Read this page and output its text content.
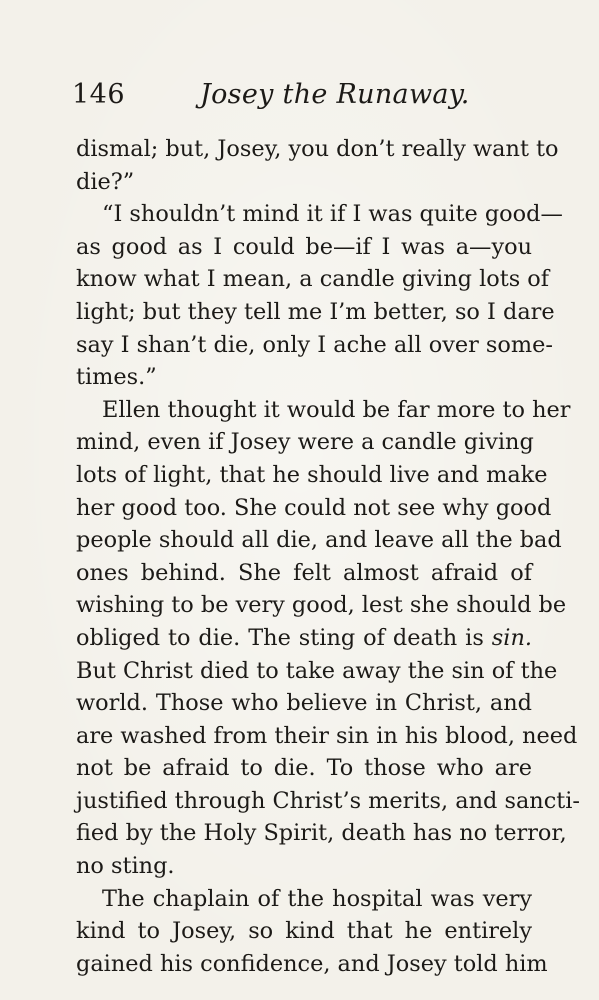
146	Josey the Runaway.
dismal; but, Josey, you don’t really want to
die?”
“I shouldn’t mind it if I was quite good—
as good as I could be—if I was a—you
know what I mean, a candle giving lots of
light; but they tell me I’m better, so I dare
say I shan’t die, only I ache all over some-
times.”
Ellen thought it would be far more to her
mind, even if Josey were a candle giving
lots of light, that he should live and make
her good too. She could not see why good
people should all die, and leave all the bad
ones behind. She felt almost afraid of
wishing to be very good, lest she should be
obliged to die. The sting of death is sin.
But Christ died to take away the sin of the
world. Those who believe in Christ, and
are washed from their sin in his blood, need
not be afraid to die. To those who are
justified through Christ’s merits, and sancti-
fied by the Holy Spirit, death has no terror,
no sting.
The chaplain of the hospital was very
kind to Josey, so kind that he entirely
gained his confidence, and Josey told him
